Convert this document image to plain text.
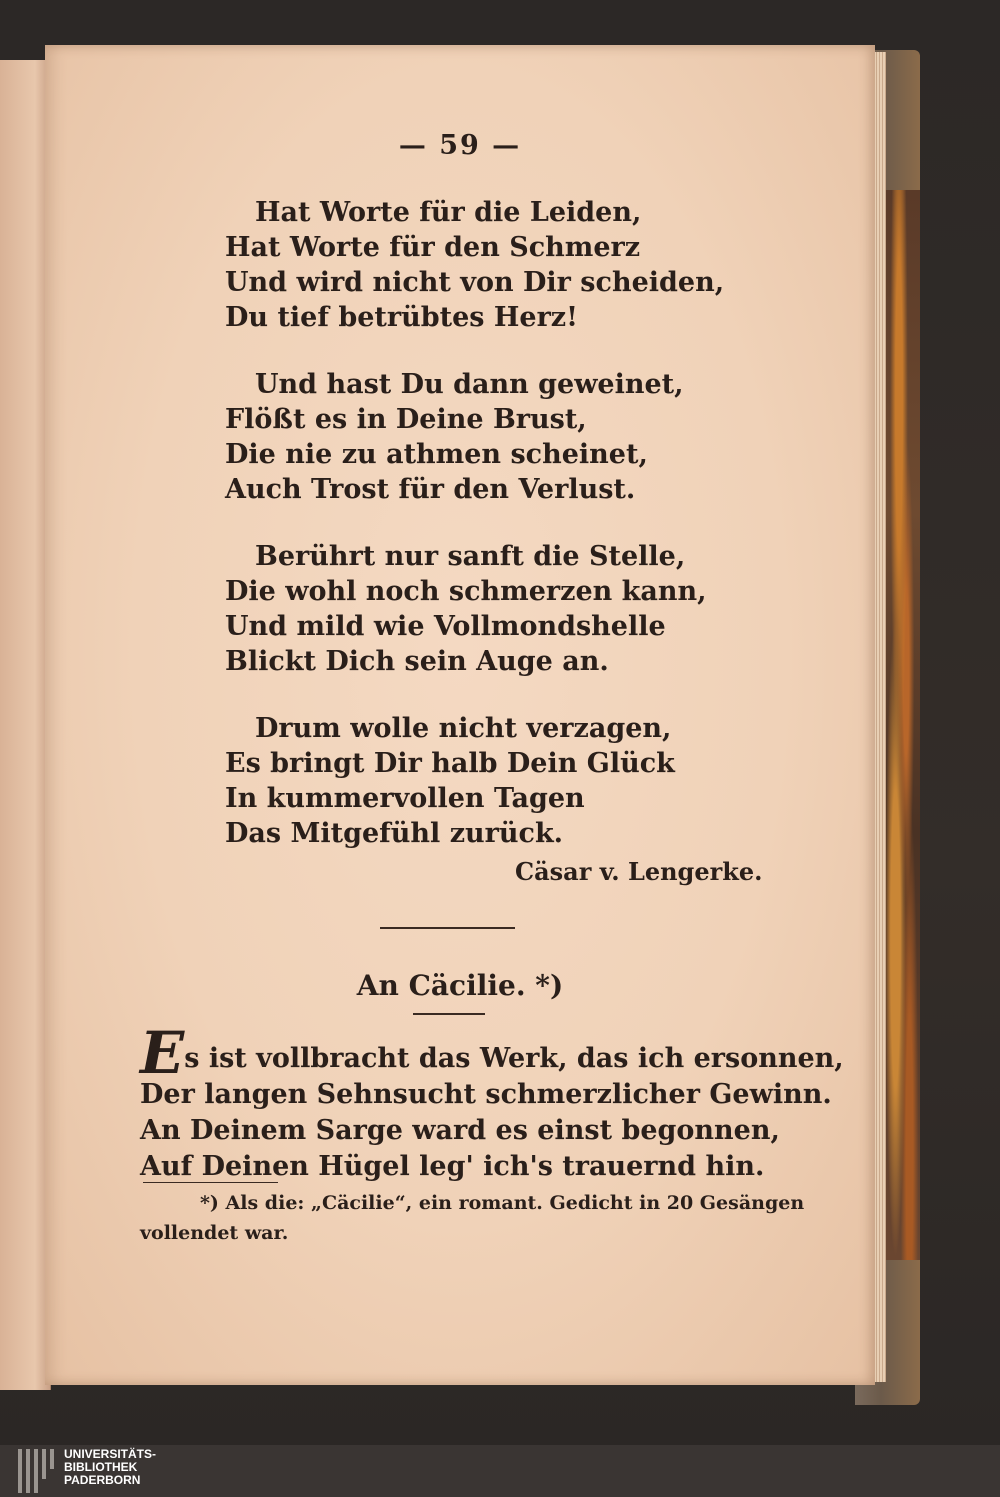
— 59 —
Hat Worte für die Leiden,
Hat Worte für den Schmerz
Und wird nicht von Dir scheiden,
Du tief betrübtes Herz!
Und hast Du dann geweinet,
Flößt es in Deine Brust,
Die nie zu athmen scheinet,
Auch Trost für den Verlust.
Berührt nur sanft die Stelle,
Die wohl noch schmerzen kann,
Und mild wie Vollmondshelle
Blickt Dich sein Auge an.
Drum wolle nicht verzagen,
Es bringt Dir halb Dein Glück
In kummervollen Tagen
Das Mitgefühl zurück.
Cäsar v. Lengerke.
An Cäcilie. *)
Es ist vollbracht das Werk, das ich ersonnen,
Der langen Sehnsucht schmerzlicher Gewinn.
An Deinem Sarge ward es einst begonnen,
Auf Deinen Hügel leg' ich's trauernd hin.
*) Als die: „Cäcilie“, ein romant. Gedicht in 20 Gesängen
vollendet war.
UNIVERSITÄTS-
BIBLIOTHEK
PADERBORN
